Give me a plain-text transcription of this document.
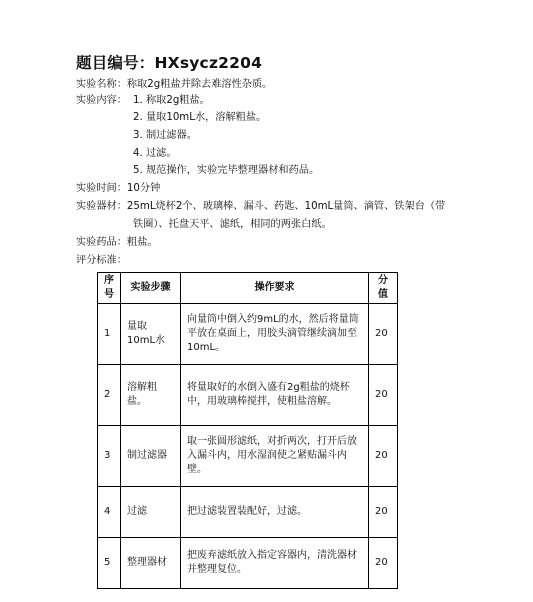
题目编号：HXsycz2204
实验名称：称取2g粗盐并除去难溶性杂质。
实验内容： 1. 称取2g粗盐。
2. 量取10mL水，溶解粗盐。
3. 制过滤器。
4. 过滤。
5. 规范操作，实验完毕整理器材和药品。
实验时间：10分钟
实验器材：25mL烧杯2个、玻璃棒、漏斗、药匙、10mL量筒、滴管、铁架台（带
铁圈）、托盘天平、滤纸，相同的两张白纸。
实验药品：粗盐。
评分标准：
序号	实验步骤	操作要求	分值
1	量取10mL水	向量筒中倒入约9mL的水，然后将量筒平放在桌面上，用胶头滴管继续滴加至10mL。	20
2	溶解粗盐。	将量取好的水倒入盛有2g粗盐的烧杯中，用玻璃棒搅拌，使粗盐溶解。	20
3	制过滤器	取一张圆形滤纸，对折两次，打开后放入漏斗内，用水湿润使之紧贴漏斗内壁。	20
4	过滤	把过滤装置装配好，过滤。	20
5	整理器材	把废弃滤纸放入指定容器内，清洗器材并整理复位。	20
